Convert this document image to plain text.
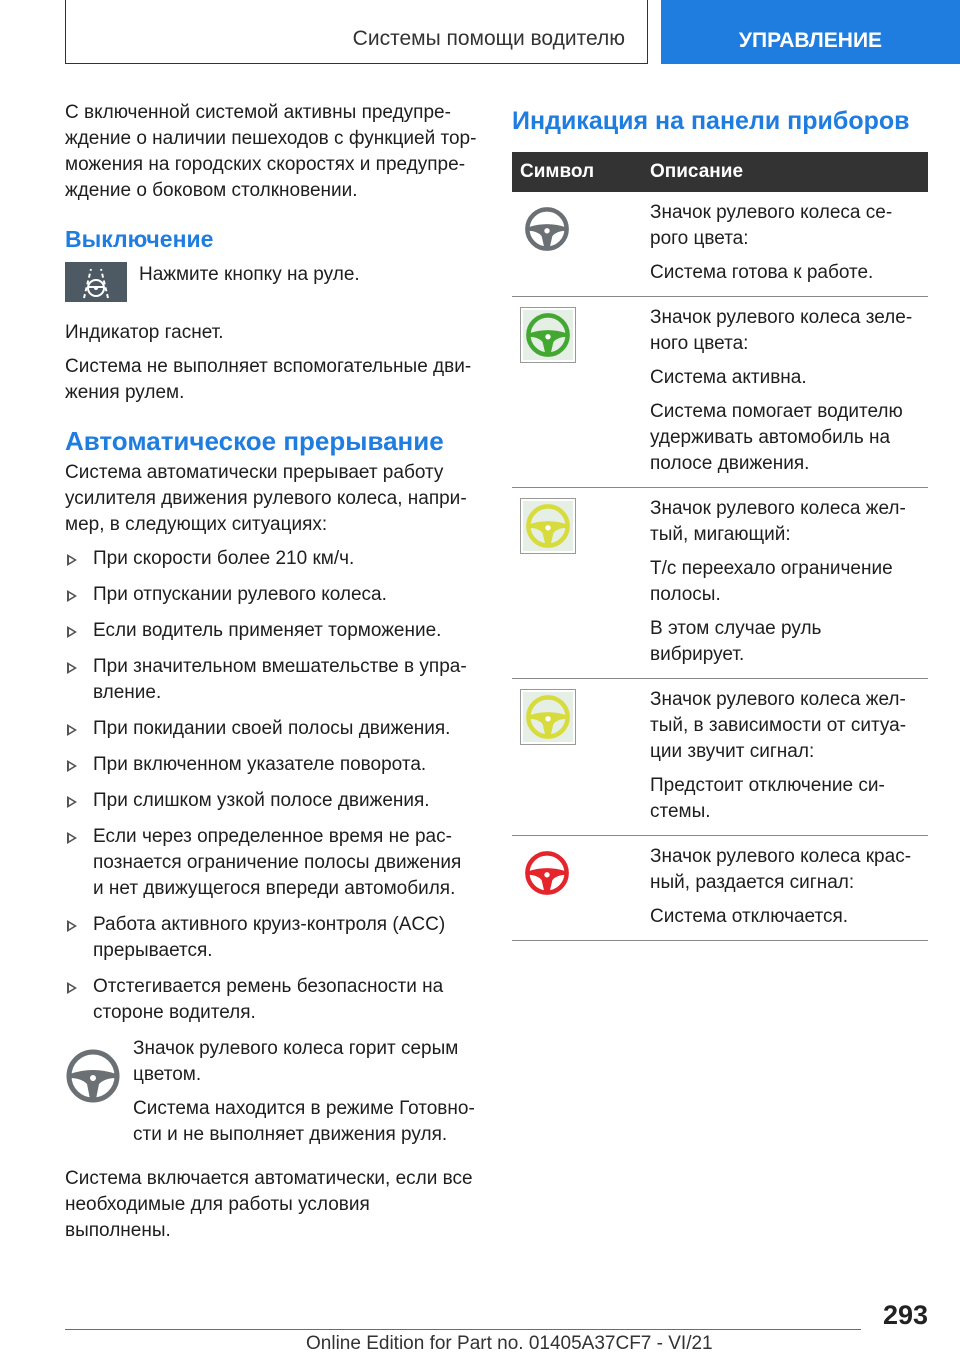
Системы помощи водителю	УПРАВЛЕНИЕ

С включенной системой активны предупреждение о наличии пешеходов с функцией торможения на городских скоростях и предупреждение о боковом столкновении.

Выключение

Нажмите кнопку на руле.

Индикатор гаснет.

Система не выполняет вспомогательные движения рулем.

Автоматическое прерывание

Система автоматически прерывает работу усилителя движения рулевого колеса, например, в следующих ситуациях:

При скорости более 210 км/ч.
При отпускании рулевого колеса.
Если водитель применяет торможение.
При значительном вмешательстве в управление.
При покидании своей полосы движения.
При включенном указателе поворота.
При слишком узкой полосе движения.
Если через определенное время не распознается ограничение полосы движения и нет движущегося впереди автомобиля.
Работа активного круиз-контроля (ACC) прерывается.
Отстегивается ремень безопасности на стороне водителя.

Значок рулевого колеса горит серым цветом.

Система находится в режиме Готовности и не выполняет движения руля.

Система включается автоматически, если все необходимые для работы условия выполнены.

Индикация на панели приборов

Символ	Описание

Значок рулевого колеса серого цвета:

Система готова к работе.

Значок рулевого колеса зеленого цвета:

Система активна.

Система помогает водителю удерживать автомобиль на полосе движения.

Значок рулевого колеса желтый, мигающий:

Т/с переехало ограничение полосы.

В этом случае руль вибрирует.

Значок рулевого колеса желтый, в зависимости от ситуации звучит сигнал:

Предстоит отключение системы.

Значок рулевого колеса красный, раздается сигнал:

Система отключается.

293
Online Edition for Part no. 01405A37CF7 - VI/21
